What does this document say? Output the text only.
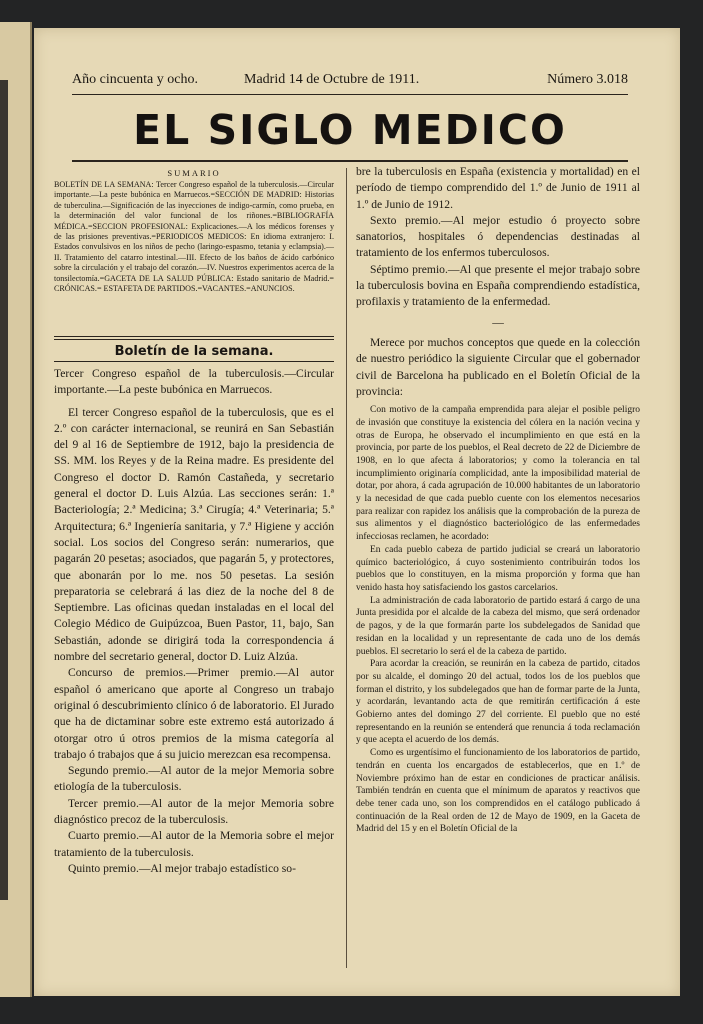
Año cincuenta y ocho.	Madrid 14 de Octubre de 1911.	Número 3.018
EL SIGLO MEDICO

SUMARIO

BOLETÍN DE LA SEMANA: Tercer Congreso español de la tuberculosis.—Circular importante.—La peste bubónica en Marruecos.=SECCIÓN DE MADRID: Historias de tuberculina.—Significación de las inyecciones de indigo-carmín, como prueba, en la determinación del valor funcional de los riñones.=BIBLIOGRAFÍA MÉDICA.=SECCION PROFESIONAL: Explicaciones.—A los médicos forenses y de las prisiones preventivas.=PERIODICOS MEDICOS: En idioma extranjero: I. Estados convulsivos en los niños de pecho (laringo-espasmo, tetania y eclampsia).—II. Tratamiento del catarro intestinal.—III. Efecto de los baños de ácido carbónico sobre la circulación y el trabajo del corazón.—IV. Nuestros experimentos acerca de la tonsilectomía.=GACETA DE LA SALUD PÚBLICA: Estado sanitario de Madrid.= CRÓNICAS.= ESTAFETA DE PARTIDOS.=VACANTES.=ANUNCIOS.

Boletín de la semana.

Tercer Congreso español de la tuberculosis.—Circular importante.—La peste bubónica en Marruecos.

El tercer Congreso español de la tuberculosis, que es el 2.º con carácter internacional, se reunirá en San Sebastián del 9 al 16 de Septiembre de 1912, bajo la presidencia de SS. MM. los Reyes y de la Reina madre. Es presidente del Congreso el doctor D. Ramón Castañeda, y secretario general el doctor D. Luis Alzúa. Las secciones serán: 1.ª Bacteriología; 2.ª Medicina; 3.ª Cirugía; 4.ª Veterinaria; 5.ª Arquitectura; 6.ª Ingeniería sanitaria, y 7.ª Higiene y acción social. Los socios del Congreso serán: numerarios, que pagarán 20 pesetas; asociados, que pagarán 5, y protectores, que abonarán por lo me. nos 50 pesetas. La sesión preparatoria se celebrará á las diez de la noche del 8 de Septiembre. Las oficinas quedan instaladas en el local del Colegio Médico de Guipúzcoa, Buen Pastor, 11, bajo, San Sebastián, adonde se dirigirá toda la correspondencia á nombre del secretario general, doctor D. Luiz Alzúa.

Concurso de premios.—Primer premio.—Al autor español ó americano que aporte al Congreso un trabajo original ó descubrimiento clínico ó de laboratorio. El Jurado que ha de dictaminar sobre este extremo está autorizado á otorgar otro ú otros premios de la misma categoría al trabajo ó trabajos que á su juicio merezcan esa recompensa.

Segundo premio.—Al autor de la mejor Memoria sobre etiología de la tuberculosis.

Tercer premio.—Al autor de la mejor Memoria sobre diagnóstico precoz de la tuberculosis.

Cuarto premio.—Al autor de la Memoria sobre el mejor tratamiento de la tuberculosis.

Quinto premio.—Al mejor trabajo estadístico so-

bre la tuberculosis en España (existencia y mortalidad) en el período de tiempo comprendido del 1.º de Junio de 1911 al 1.º de Junio de 1912.

Sexto premio.—Al mejor estudio ó proyecto sobre sanatorios, hospitales ó dependencias destinadas al tratamiento de los enfermos tuberculosos.

Séptimo premio.—Al que presente el mejor trabajo sobre la tuberculosis bovina en España comprendiendo estadística, profilaxis y tratamiento de la enfermedad.

—

Merece por muchos conceptos que quede en la colección de nuestro periódico la siguiente Circular que el gobernador civil de Barcelona ha publicado en el Boletín Oficial de la provincia:

Con motivo de la campaña emprendida para alejar el posible peligro de invasión que constituye la existencia del cólera en la nación vecina y otras de Europa, he observado el incumplimiento en que está en la provincia, por parte de los pueblos, el Real decreto de 22 de Diciembre de 1908, en lo que afecta á laboratorios; y como la tolerancia en tal incumplimiento originaría complicidad, ante la imposibilidad material de dotar, por ahora, á cada agrupación de 10.000 habitantes de un laboratorio y la necesidad de que cada pueblo cuente con los elementos necesarios para realizar con rapidez los análisis que la comprobación de la pureza de sus alimentos y el diagnóstico bacteriológico de las enfermedades infecciosas reclamen, he acordado:

En cada pueblo cabeza de partido judicial se creará un laboratorio químico bacteriológico, á cuyo sostenimiento contribuirán todos los pueblos que lo constituyen, en la misma proporción y forma que han venido hasta hoy satisfaciendo los gastos carcelarios.

La administración de cada laboratorio de partido estará á cargo de una Junta presidida por el alcalde de la cabeza del mismo, que será ordenador de pagos, y de la que formarán parte los subdelegados de Sanidad que residan en la localidad y un representante de cada uno de los demás pueblos. El secretario lo será el de la cabeza de partido.

Para acordar la creación, se reunirán en la cabeza de partido, citados por su alcalde, el domingo 20 del actual, todos los de los pueblos que forman el distrito, y los subdelegados que han de formar parte de la Junta, y acordarán, levantando acta de que remitirán certificación á este Gobierno antes del domingo 27 del corriente. El pueblo que no esté representando en la reunión se entenderá que renuncia á toda reclamación y que acepta el acuerdo de los demás.

Como es urgentísimo el funcionamiento de los laboratorios de partido, tendrán en cuenta los encargados de establecerlos, que en 1.º de Noviembre próximo han de estar en condiciones de practicar análisis. También tendrán en cuenta que el mínimum de aparatos y reactivos que debe tener cada uno, son los comprendidos en el catálogo publicado á continuación de la Real orden de 12 de Mayo de 1909, en la Gaceta de Madrid del 15 y en el Boletín Oficial de la
